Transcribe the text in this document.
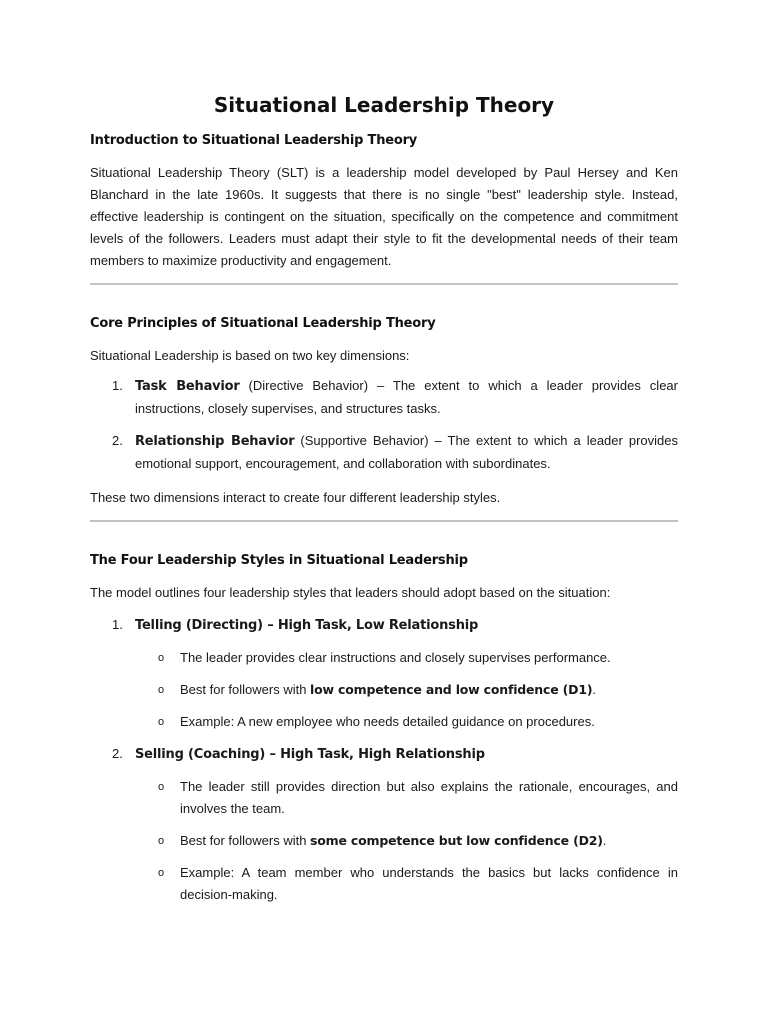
Situational Leadership Theory
Introduction to Situational Leadership Theory

Situational Leadership Theory (SLT) is a leadership model developed by Paul Hersey and Ken Blanchard in the late 1960s. It suggests that there is no single "best" leadership style. Instead, effective leadership is contingent on the situation, specifically on the competence and commitment levels of the followers. Leaders must adapt their style to fit the developmental needs of their team members to maximize productivity and engagement.

Core Principles of Situational Leadership Theory

Situational Leadership is based on two key dimensions:

1. Task Behavior (Directive Behavior) – The extent to which a leader provides clear instructions, closely supervises, and structures tasks.
2. Relationship Behavior (Supportive Behavior) – The extent to which a leader provides emotional support, encouragement, and collaboration with subordinates.

These two dimensions interact to create four different leadership styles.

The Four Leadership Styles in Situational Leadership

The model outlines four leadership styles that leaders should adopt based on the situation:

1. Telling (Directing) – High Task, Low Relationship
o The leader provides clear instructions and closely supervises performance.
o Best for followers with low competence and low confidence (D1).
o Example: A new employee who needs detailed guidance on procedures.
2. Selling (Coaching) – High Task, High Relationship
o The leader still provides direction but also explains the rationale, encourages, and involves the team.
o Best for followers with some competence but low confidence (D2).
o Example: A team member who understands the basics but lacks confidence in decision-making.
